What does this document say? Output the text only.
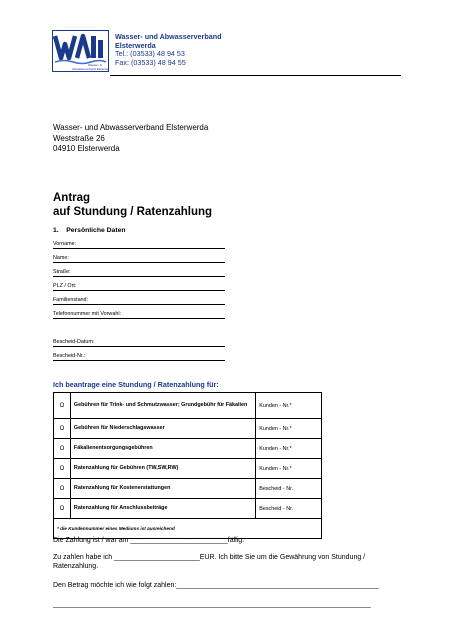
Wasser- &
Abwasserverband Elsterwerda
Wasser- und Abwasserverband
Elsterwerda
Tel.: (03533) 48 94 53
Fax: (03533) 48 94 55
Wasser- und Abwasserverband Elsterwerda
Weststraße 26
04910 Elsterwerda
Antrag
auf Stundung / Ratenzahlung
1.    Persönliche Daten
Vorname:
Name:
Straße:
PLZ / Ort:
Familienstand:
Telefonnummer mit Vorwahl:
Bescheid-Datum:
Bescheid-Nr.:
Ich beantrage eine Stundung / Ratenzahlung für:
O	Gebühren für Trink- und Schmutzwasser; Grundgebühr für Fäkalien	Kunden - Nr.*
O	Gebühren für Niederschlagswasser	Kunden - Nr.*
O	Fäkalienentsorgungsgebühren	Kunden - Nr.*
O	Ratenzahlung für Gebühren (TW,SW,RW)	Kunden - Nr.*
O	Ratenzahlung für Kostenerstattungen	Bescheid - Nr.
O	Ratenzahlung für Anschlussbeiträge	Bescheid - Nr.
* die Kundennummer eines Mediums ist ausreichend		
Die Zahlung ist / war am _________________________fällig.
Zu zahlen habe ich ______________________EUR. Ich bitte Sie um die Gewährung von Stundung /
Ratenzahlung.
Den Betrag möchte ich wie folgt zahlen:____________________________________________________
______________________________________________________________________________________
